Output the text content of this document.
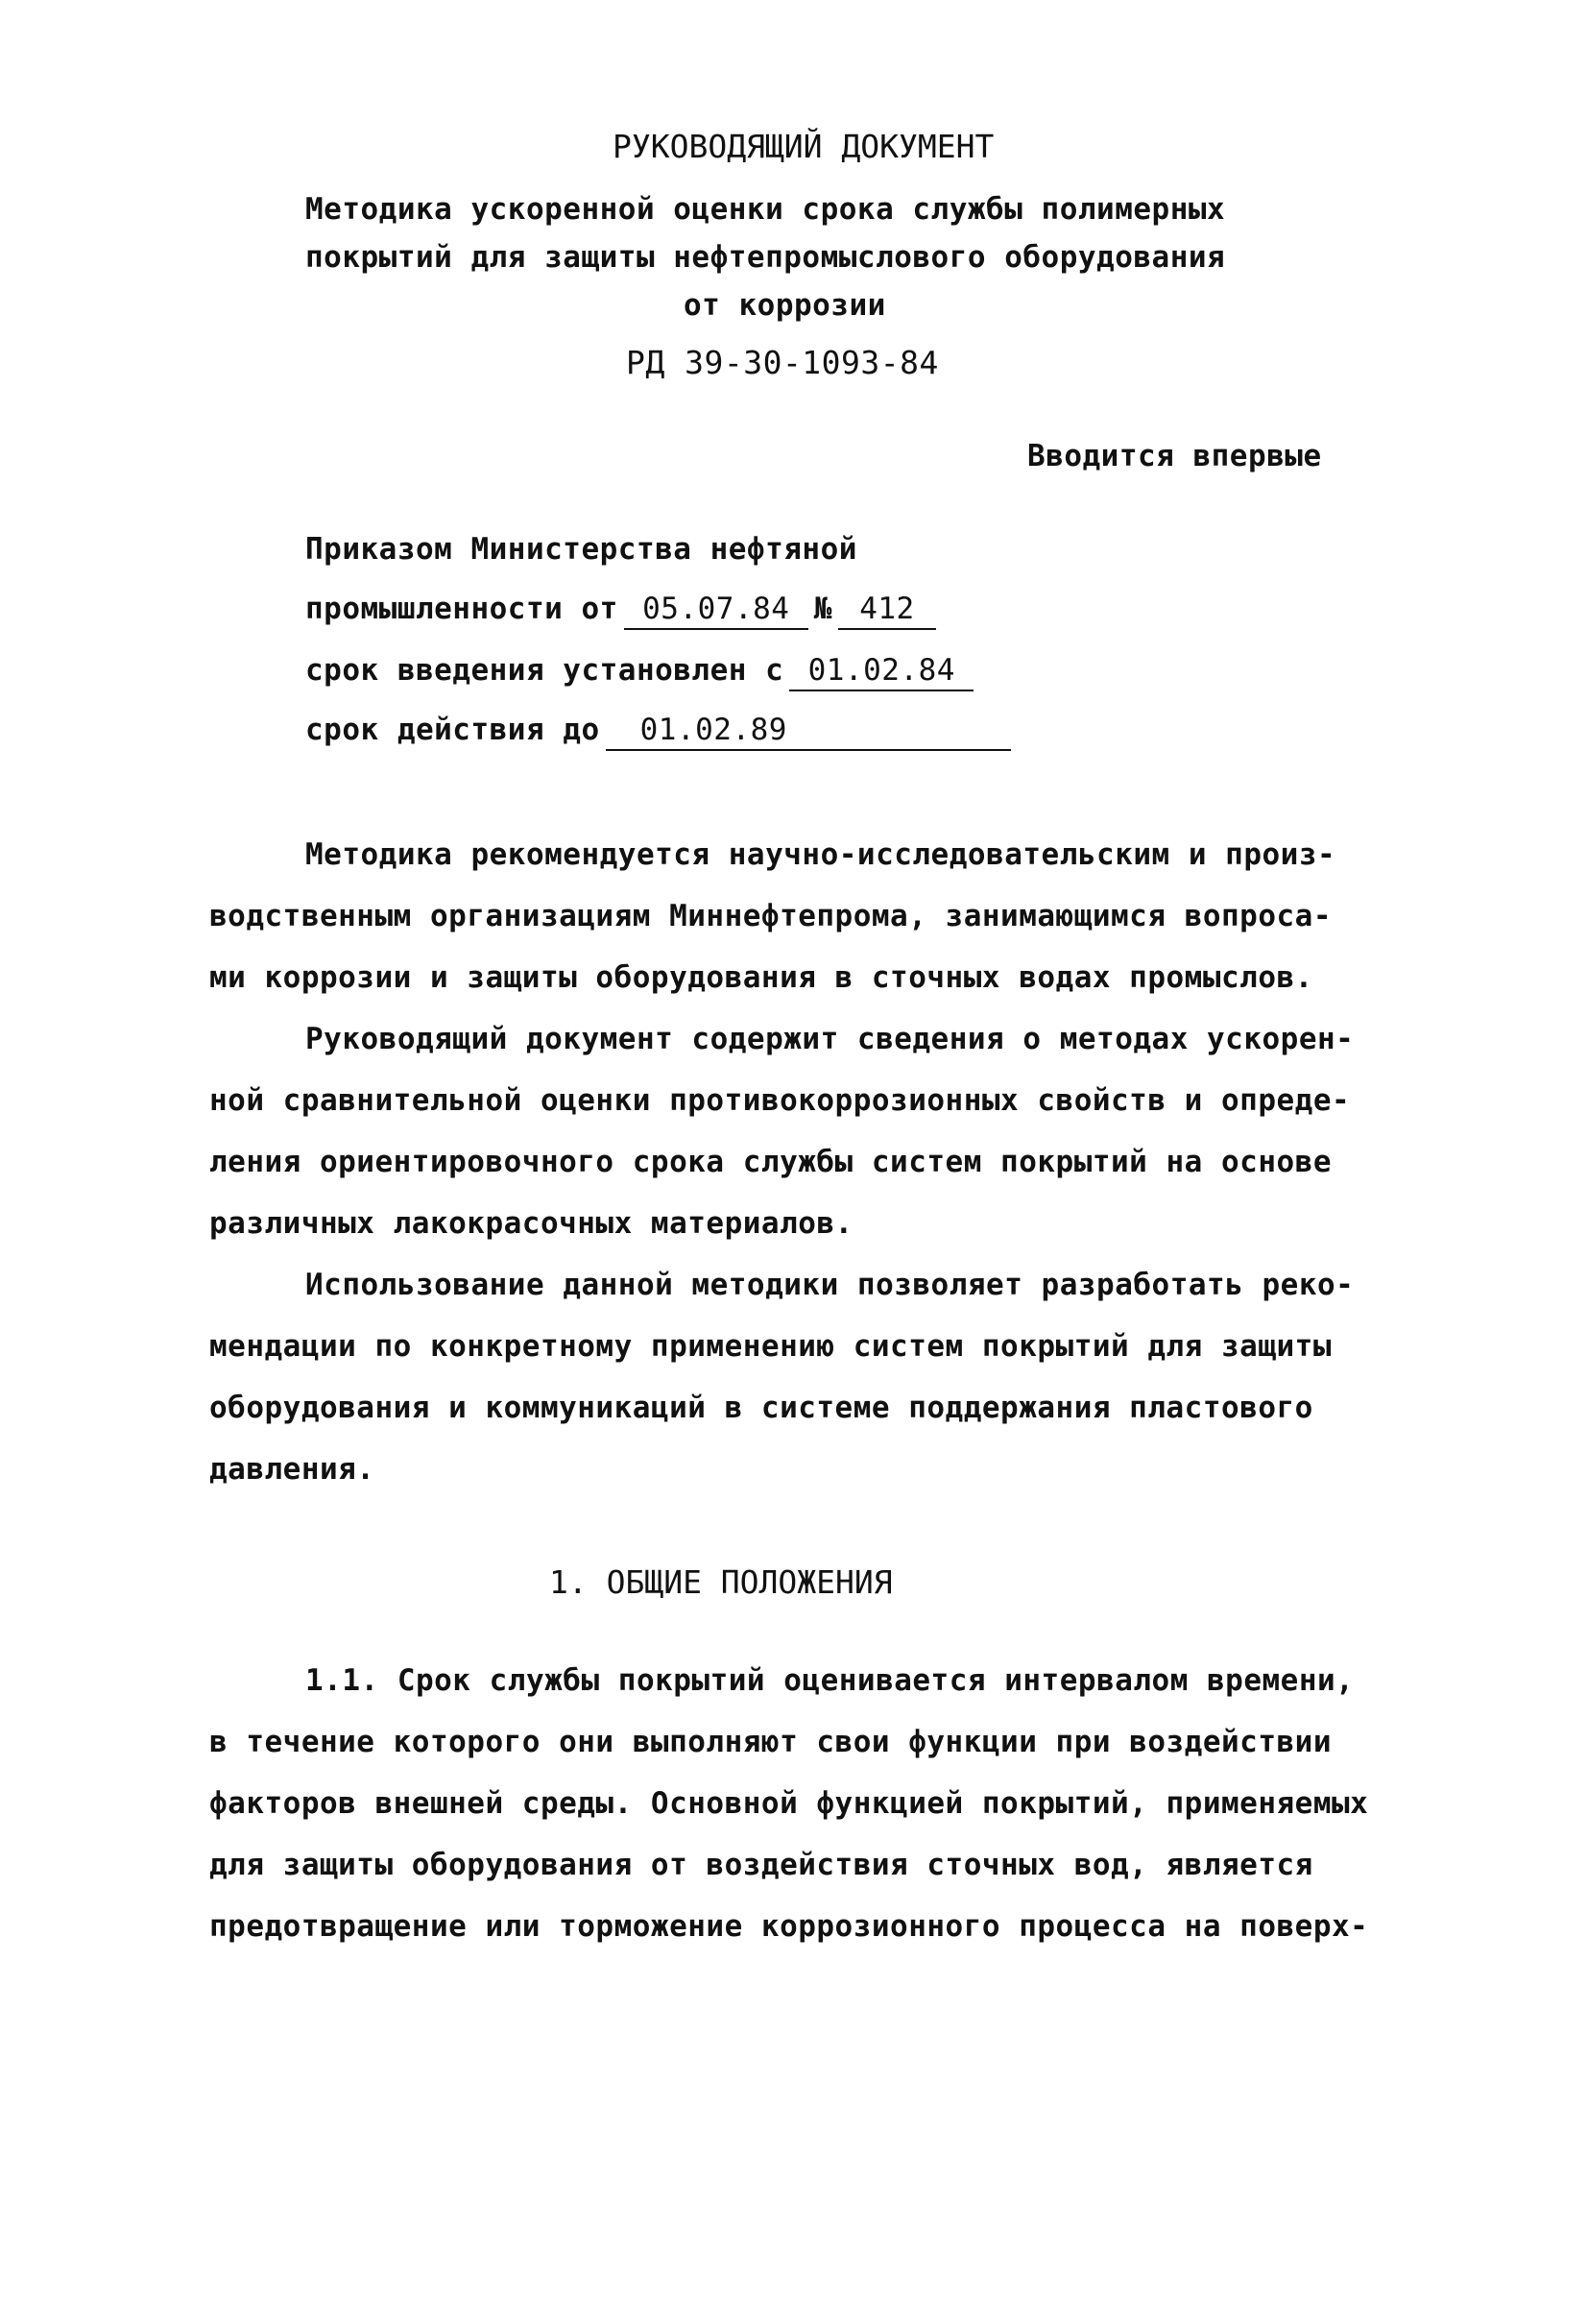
РУКОВОДЯЩИЙ ДОКУМЕНТ
Методика ускоренной оценки срока службы полимерных
покрытий для защиты нефтепромыслового оборудования
от коррозии
РД 39-30-1093-84
Вводится впервые
Приказом Министерства нефтяной
промышленности от 05.07.84 № 412
срок введения установлен с 01.02.84
срок действия до 01.02.89
Методика рекомендуется научно-исследовательским и произ-
водственным организациям Миннефтепрома, занимающимся вопроса-
ми коррозии и защиты оборудования в сточных водах промыслов.
Руководящий документ содержит сведения о методах ускорен-
ной сравнительной оценки противокоррозионных свойств и опреде-
ления ориентировочного срока службы систем покрытий на основе
различных лакокрасочных материалов.
Использование данной методики позволяет разработать реко-
мендации по конкретному применению систем покрытий для защиты
оборудования и коммуникаций в системе поддержания пластового
давления.
1. ОБЩИЕ ПОЛОЖЕНИЯ
1.1. Срок службы покрытий оценивается интервалом времени,
в течение которого они выполняют свои функции при воздействии
факторов внешней среды. Основной функцией покрытий, применяемых
для защиты оборудования от воздействия сточных вод, является
предотвращение или торможение коррозионного процесса на поверх-
